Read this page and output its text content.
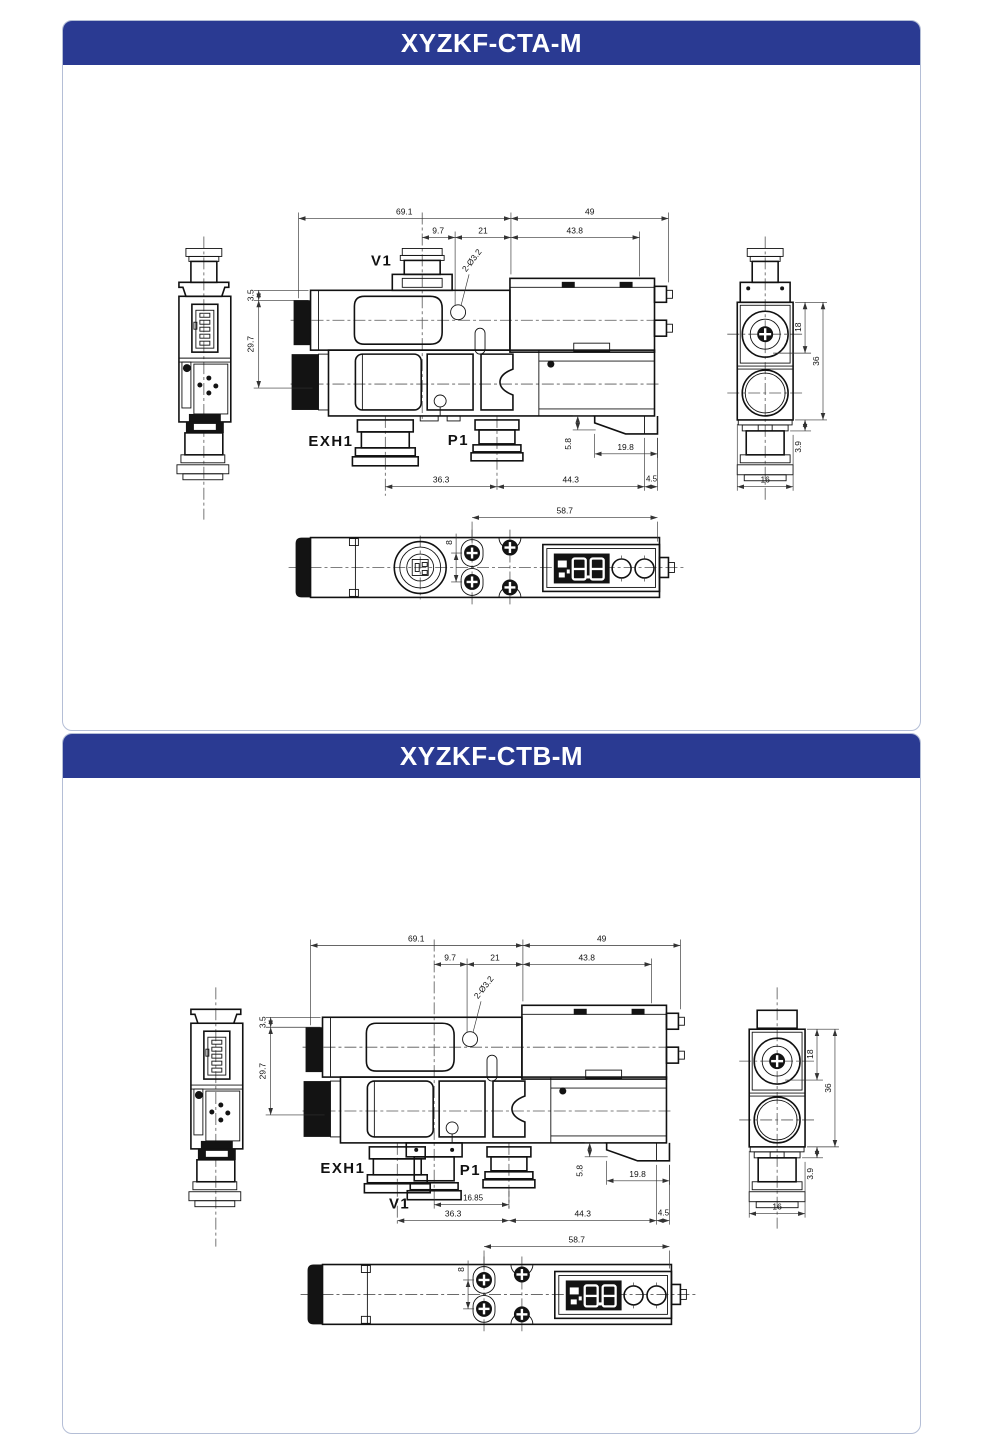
XYZKF-CTA-M
V1
EXH1	P1
2-Ø3.2
69.1	49
9.7	21	43.8
3.5
29.7
5.8	19.8
36.3	44.3	4.5
58.7
8
18
36
3.9
16
XYZKF-CTB-M
EXH1
V1
P1
2-Ø3.2
69.1	49
9.7	21	43.8
3.5
29.7
5.8	19.8
16.85
36.3	44.3	4.5
58.7
8
18
36
3.9
16
